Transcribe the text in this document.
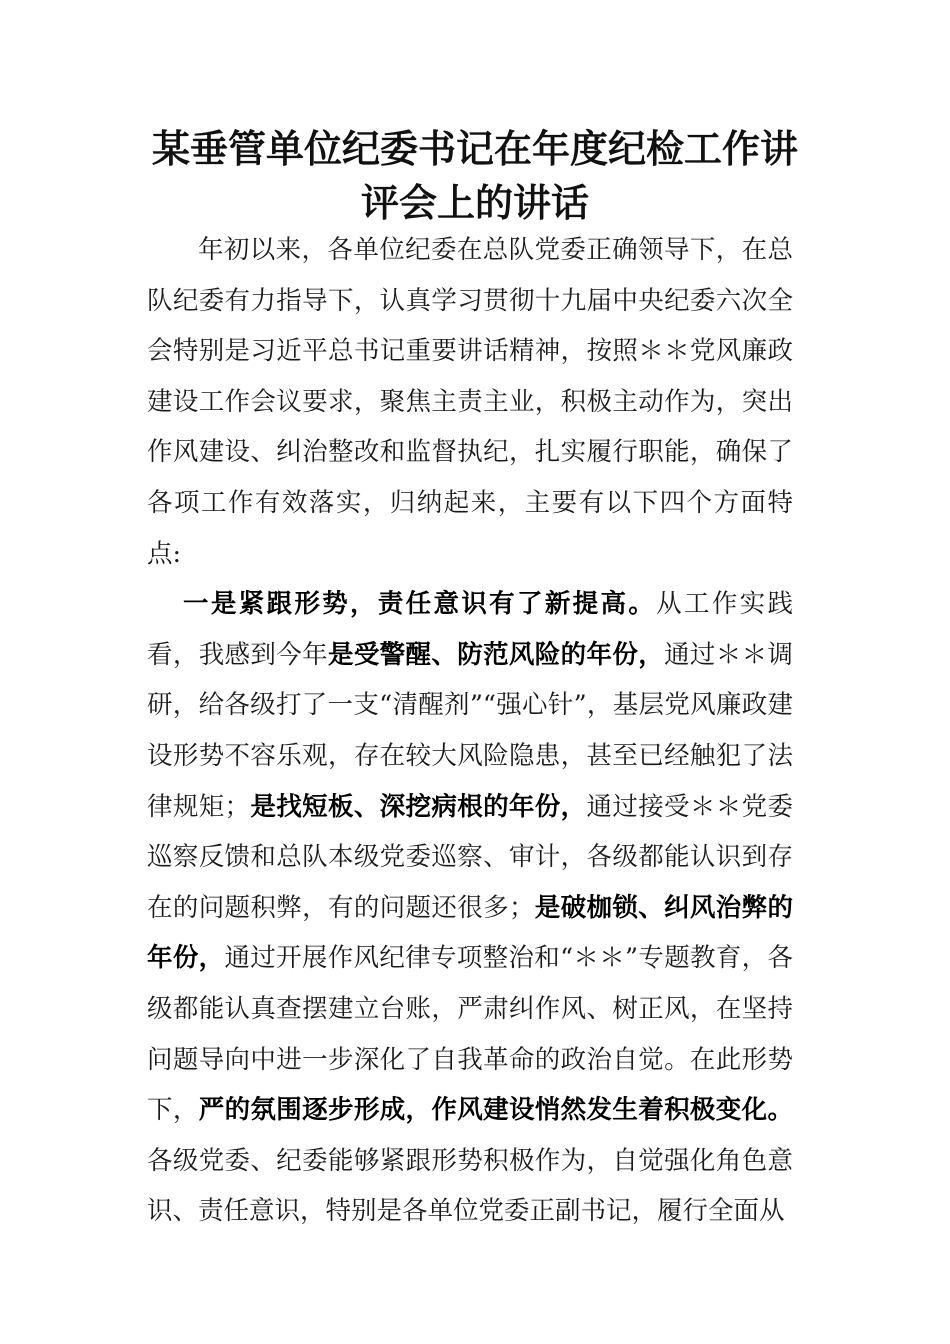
某垂管单位纪委书记在年度纪检工作讲评会上的讲话

年初以来，各单位纪委在总队党委正确领导下，在总队纪委有力指导下，认真学习贯彻十九届中央纪委六次全会特别是习近平总书记重要讲话精神，按照＊＊党风廉政建设工作会议要求，聚焦主责主业，积极主动作为，突出作风建设、纠治整改和监督执纪，扎实履行职能，确保了各项工作有效落实，归纳起来，主要有以下四个方面特点:

一是紧跟形势，责任意识有了新提高。从工作实践看，我感到今年是受警醒、防范风险的年份，通过＊＊调研，给各级打了一支“清醒剂”“强心针”，基层党风廉政建设形势不容乐观，存在较大风险隐患，甚至已经触犯了法律规矩；是找短板、深挖病根的年份，通过接受＊＊党委巡察反馈和总队本级党委巡察、审计，各级都能认识到存在的问题积弊，有的问题还很多；是破枷锁、纠风治弊的年份，通过开展作风纪律专项整治和“＊＊”专题教育，各级都能认真查摆建立台账，严肃纠作风、树正风，在坚持问题导向中进一步深化了自我革命的政治自觉。在此形势下，严的氛围逐步形成，作风建设悄然发生着积极变化。各级党委、纪委能够紧跟形势积极作为，自觉强化角色意识、责任意识，特别是各单位党委正副书记，履行全面从
